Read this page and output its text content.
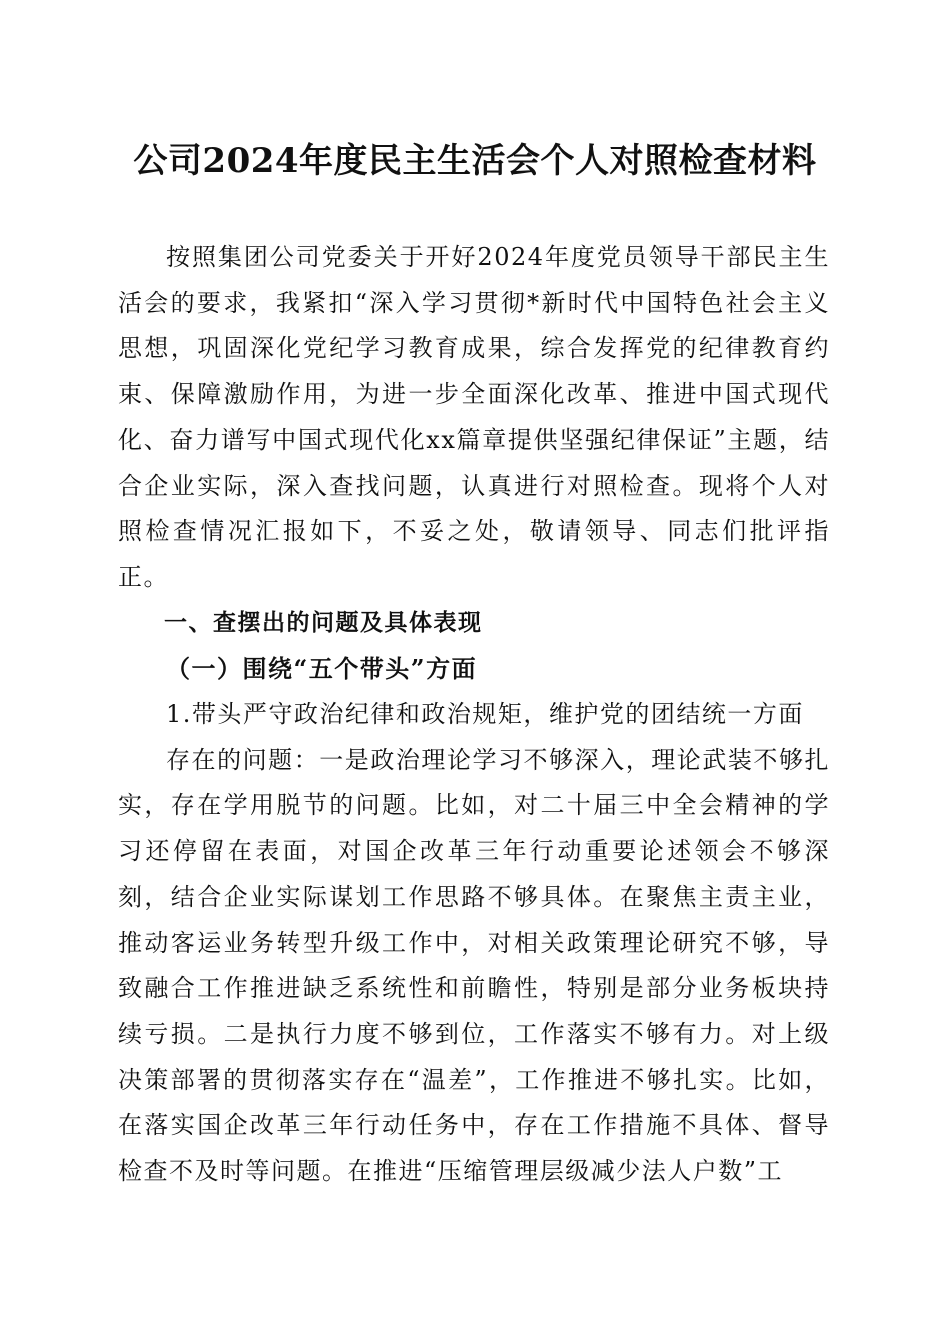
公司2024年度民主生活会个人对照检查材料

按照集团公司党委关于开好2024年度党员领导干部民主生活会的要求，我紧扣“深入学习贯彻*新时代中国特色社会主义思想，巩固深化党纪学习教育成果，综合发挥党的纪律教育约束、保障激励作用，为进一步全面深化改革、推进中国式现代化、奋力谱写中国式现代化xx篇章提供坚强纪律保证”主题，结合企业实际，深入查找问题，认真进行对照检查。现将个人对照检查情况汇报如下，不妥之处，敬请领导、同志们批评指正。

一、查摆出的问题及具体表现

（一）围绕“五个带头”方面

1.带头严守政治纪律和政治规矩，维护党的团结统一方面

存在的问题：一是政治理论学习不够深入，理论武装不够扎实，存在学用脱节的问题。比如，对二十届三中全会精神的学习还停留在表面，对国企改革三年行动重要论述领会不够深刻，结合企业实际谋划工作思路不够具体。在聚焦主责主业，推动客运业务转型升级工作中，对相关政策理论研究不够，导致融合工作推进缺乏系统性和前瞻性，特别是部分业务板块持续亏损。二是执行力度不够到位，工作落实不够有力。对上级决策部署的贯彻落实存在“温差”，工作推进不够扎实。比如，在落实国企改革三年行动任务中，存在工作措施不具体、督导检查不及时等问题。在推进“压缩管理层级减少法人户数”工
